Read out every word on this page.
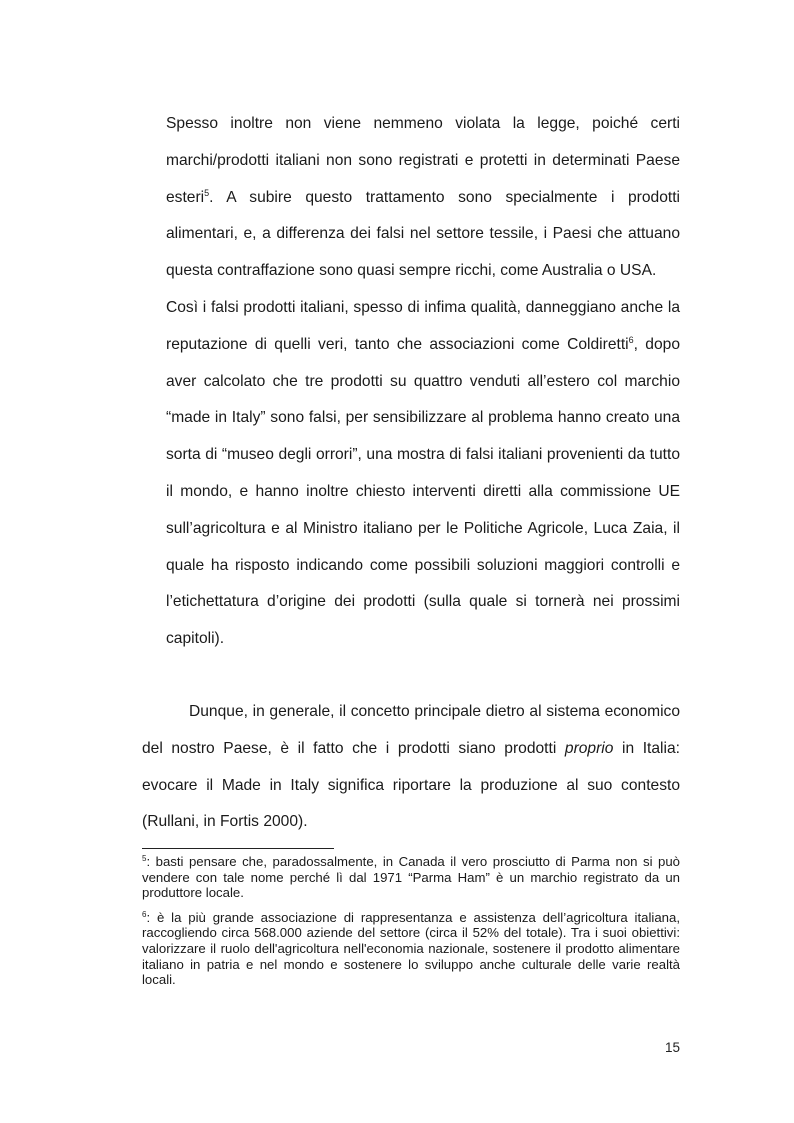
Spesso inoltre non viene nemmeno violata la legge, poiché certi marchi/prodotti italiani non sono registrati e protetti in determinati Paese esteri$^5$. A subire questo trattamento sono specialmente i prodotti alimentari, e, a differenza dei falsi nel settore tessile, i Paesi che attuano questa contraffazione sono quasi sempre ricchi, come Australia o USA.

Così i falsi prodotti italiani, spesso di infima qualità, danneggiano anche la reputazione di quelli veri, tanto che associazioni come Coldiretti$^6$, dopo aver calcolato che tre prodotti su quattro venduti all’estero col marchio “made in Italy” sono falsi, per sensibilizzare al problema hanno creato una sorta di “museo degli orrori”, una mostra di falsi italiani provenienti da tutto il mondo, e hanno inoltre chiesto interventi diretti alla commissione UE sull’agricoltura e al Ministro italiano per le Politiche Agricole, Luca Zaia, il quale ha risposto indicando come possibili soluzioni maggiori controlli e l’etichettatura d’origine dei prodotti (sulla quale si tornerà nei prossimi capitoli).

Dunque, in generale, il concetto principale dietro al sistema economico del nostro Paese, è il fatto che i prodotti siano prodotti proprio in Italia: evocare il Made in Italy significa riportare la produzione al suo contesto (Rullani, in Fortis 2000).

$^5$: basti pensare che, paradossalmente, in Canada il vero prosciutto di Parma non si può vendere con tale nome perché lì dal 1971 “Parma Ham” è un marchio registrato da un produttore locale.

$^6$: è la più grande associazione di rappresentanza e assistenza dell’agricoltura italiana, raccogliendo circa 568.000 aziende del settore (circa il 52% del totale). Tra i suoi obiettivi: valorizzare il ruolo dell'agricoltura nell'economia nazionale, sostenere il prodotto alimentare italiano in patria e nel mondo e sostenere lo sviluppo anche culturale delle varie realtà locali.

15
